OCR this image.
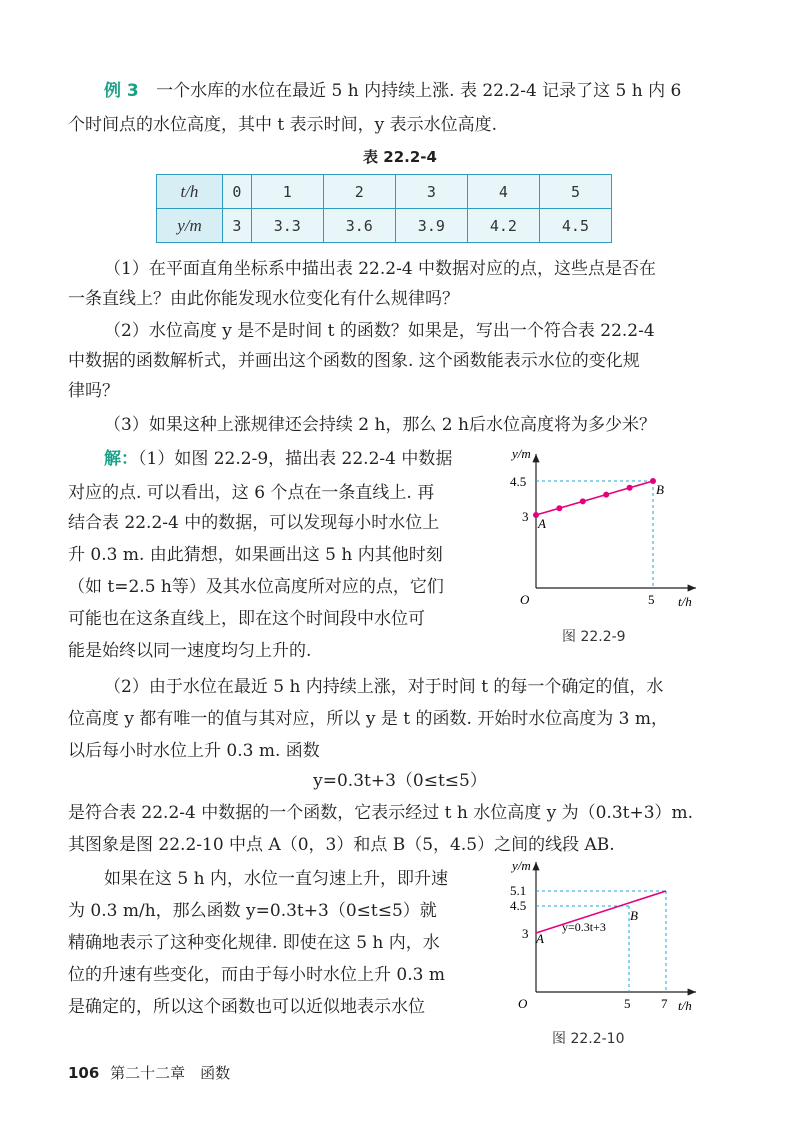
例 3 一个水库的水位在最近 5 h 内持续上涨. 表 22.2-4 记录了这 5 h 内 6
个时间点的水位高度，其中 t 表示时间，y 表示水位高度.
表 22.2-4
t/h	0	1	2	3	4	5
y/m	3	3.3	3.6	3.9	4.2	4.5
（1）在平面直角坐标系中描出表 22.2-4 中数据对应的点，这些点是否在
一条直线上？由此你能发现水位变化有什么规律吗？
（2）水位高度 y 是不是时间 t 的函数？如果是，写出一个符合表 22.2-4
中数据的函数解析式，并画出这个函数的图象. 这个函数能表示水位的变化规
律吗？
（3）如果这种上涨规律还会持续 2 h，那么 2 h后水位高度将为多少米？
解：（1）如图 22.2-9，描出表 22.2-4 中数据
对应的点. 可以看出，这 6 个点在一条直线上. 再
结合表 22.2-4 中的数据，可以发现每小时水位上
升 0.3 m. 由此猜想，如果画出这 5 h 内其他时刻
（如 t=2.5 h等）及其水位高度所对应的点，它们
可能也在这条直线上，即在这个时间段中水位可
能是始终以同一速度均匀上升的.
y/m
t/h
O
4.5
3
5
A
B
图 22.2-9
（2）由于水位在最近 5 h 内持续上涨，对于时间 t 的每一个确定的值，水
位高度 y 都有唯一的值与其对应，所以 y 是 t 的函数. 开始时水位高度为 3 m，
以后每小时水位上升 0.3 m. 函数
y=0.3t+3（0≤t≤5）
是符合表 22.2-4 中数据的一个函数，它表示经过 t h 水位高度 y 为（0.3t+3）m.
其图象是图 22.2-10 中点 A（0，3）和点 B（5，4.5）之间的线段 AB.
如果在这 5 h 内，水位一直匀速上升，即升速
为 0.3 m/h，那么函数 y=0.3t+3（0≤t≤5）就
精确地表示了这种变化规律. 即使在这 5 h 内，水
位的升速有些变化，而由于每小时水位上升 0.3 m
是确定的，所以这个函数也可以近似地表示水位
y/m
t/h
O
5.1
4.5
3
5 7
A
B
y=0.3t+3
图 22.2-10
106 第二十二章　函数
